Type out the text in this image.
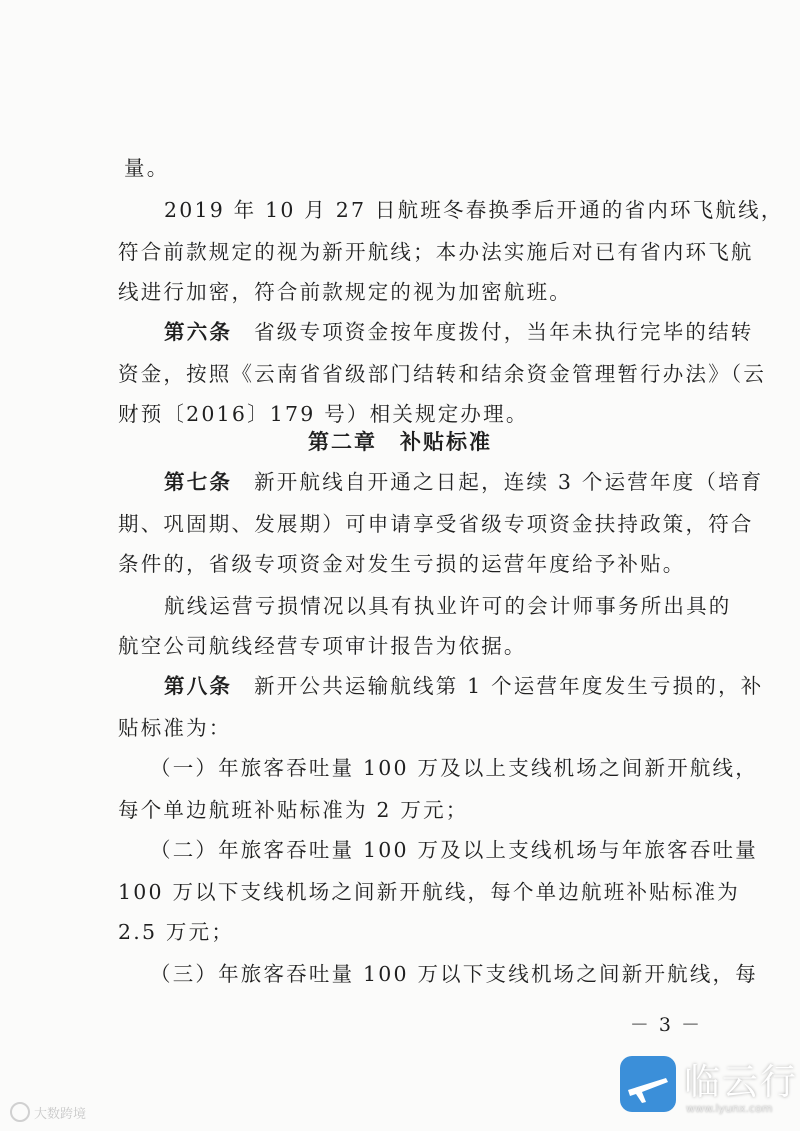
量。
2019 年 10 月 27 日航班冬春换季后开通的省内环飞航线，
符合前款规定的视为新开航线；本办法实施后对已有省内环飞航
线进行加密，符合前款规定的视为加密航班。
第六条 省级专项资金按年度拨付，当年未执行完毕的结转
资金，按照《云南省省级部门结转和结余资金管理暂行办法》（云
财预〔2016〕179 号）相关规定办理。
第二章　补贴标准
第七条 新开航线自开通之日起，连续 3 个运营年度（培育
期、巩固期、发展期）可申请享受省级专项资金扶持政策，符合
条件的，省级专项资金对发生亏损的运营年度给予补贴。
航线运营亏损情况以具有执业许可的会计师事务所出具的
航空公司航线经营专项审计报告为依据。
第八条 新开公共运输航线第 1 个运营年度发生亏损的，补
贴标准为：
（一）年旅客吞吐量 100 万及以上支线机场之间新开航线，
每个单边航班补贴标准为 2 万元；
（二）年旅客吞吐量 100 万及以上支线机场与年旅客吞吐量
100 万以下支线机场之间新开航线，每个单边航班补贴标准为
2.5 万元；
（三）年旅客吞吐量 100 万以下支线机场之间新开航线，每
－ 3 －
大数跨境
临云行
www.lyunx.com
